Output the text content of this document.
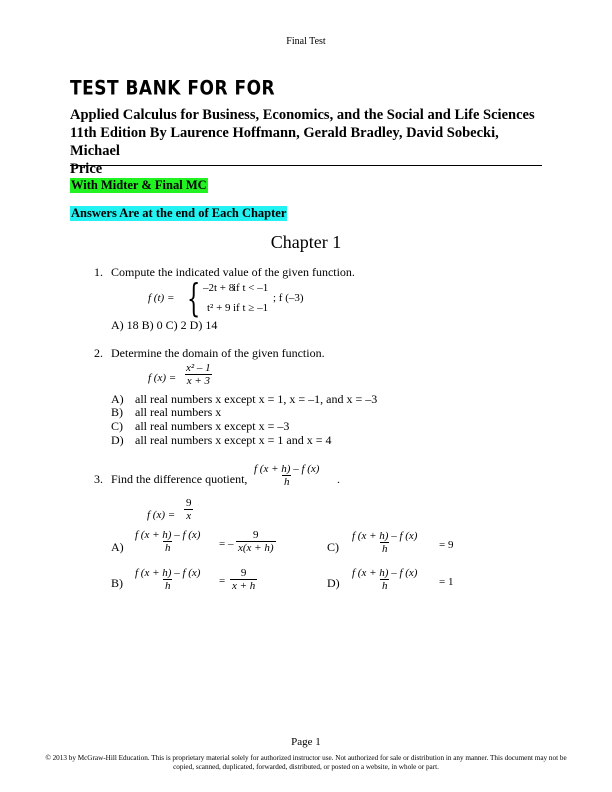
Final Test
TEST BANK FOR FOR
Applied Calculus for Business, Economics, and the Social and Life Sciences
11th Edition By Laurence Hoffmann, Gerald Bradley, David Sobecki, Michael
Price
With Midter & Final MC
Answers Are at the end of Each Chapter
Chapter 1
1. Compute the indicated value of the given function.
f (t) = { –2t + 8
if t < –1
t² + 9 if t ≥ –1
; f (–3)
A) 18 B) 0 C) 2 D) 14
2. Determine the domain of the given function.
f $(x) = \frac{\text{x² – 1}}{x + 3}$
A) all real numbers x except x = 1, x = –1, and x = –3
B) all real numbers x
C) all real numbers x except x = –3
D) all real numbers x except x = 1 and x = 4
3. Find the difference quotient, $\frac{f (x + h) - f (x)}{h}$ .
f $(x) = \frac{9}{x}$
$A) \frac{f (x + h) - f (x)}{h}$ = – $\frac{9}{x(x + h)}$	$C) \frac{f (x + h) - f (x)}{h} = 9$
$B) \frac{f (x + h) - f (x)}{h} = \frac{9}{x + h}$	$D) \frac{f (x + h) - f (x)}{h} = 1$
Page 1
© 2013 by McGraw-Hill Education. This is proprietary material solely for authorized instructor use. Not authorized for sale or distribution in any manner. This document may not be copied, scanned, duplicated, forwarded, distributed, or posted on a website, in whole or part.
